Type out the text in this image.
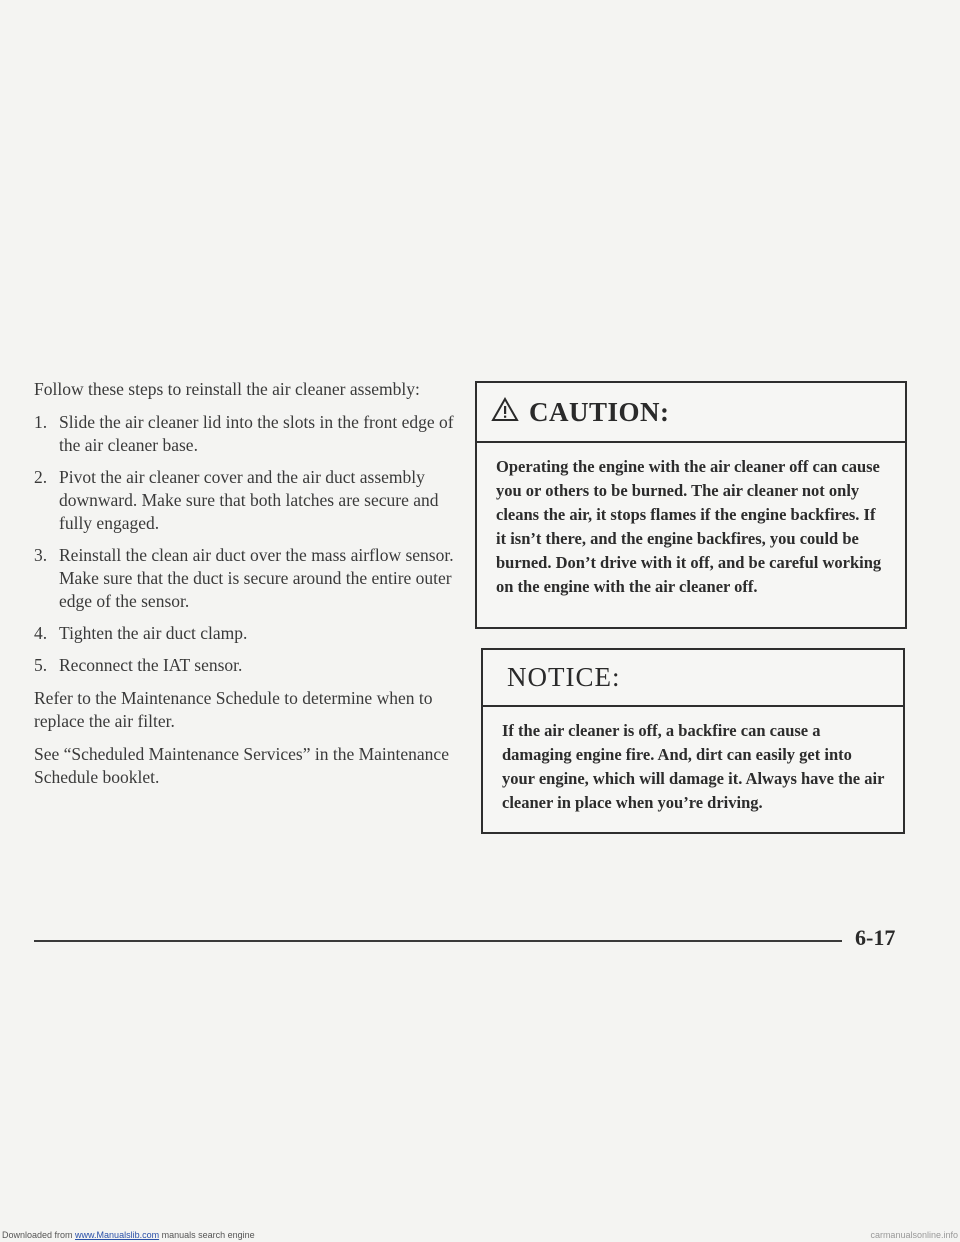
Follow these steps to reinstall the air cleaner assembly:

1. Slide the air cleaner lid into the slots in the front edge of the air cleaner base.
2. Pivot the air cleaner cover and the air duct assembly downward. Make sure that both latches are secure and fully engaged.
3. Reinstall the clean air duct over the mass airflow sensor. Make sure that the duct is secure around the entire outer edge of the sensor.
4. Tighten the air duct clamp.
5. Reconnect the IAT sensor.

Refer to the Maintenance Schedule to determine when to replace the air filter.

See “Scheduled Maintenance Services” in the Maintenance Schedule booklet.

CAUTION:
Operating the engine with the air cleaner off can cause you or others to be burned. The air cleaner not only cleans the air, it stops flames if the engine backfires. If it isn’t there, and the engine backfires, you could be burned. Don’t drive with it off, and be careful working on the engine with the air cleaner off.
NOTICE:
If the air cleaner is off, a backfire can cause a damaging engine fire. And, dirt can easily get into your engine, which will damage it. Always have the air cleaner in place when you’re driving.
6-17
Downloaded from www.Manualslib.com manuals search engine	carmanualsonline.info
